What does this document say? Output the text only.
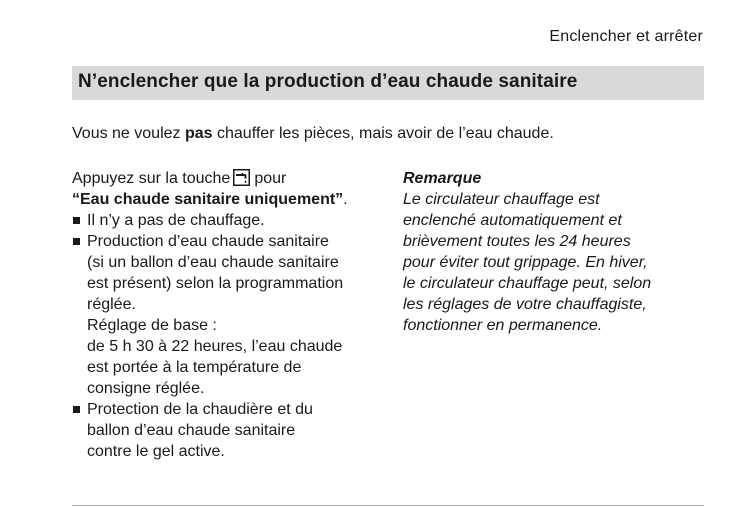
Enclencher et arrêter
N’enclencher que la production d’eau chaude sanitaire
Vous ne voulez pas chauffer les pièces, mais avoir de l’eau chaude.
Appuyez sur la touche pour
“Eau chaude sanitaire uniquement”.
Il n’y a pas de chauffage.
Production d’eau chaude sanitaire
(si un ballon d’eau chaude sanitaire
est présent) selon la programmation
réglée.
Réglage de base :
de 5 h 30 à 22 heures, l’eau chaude
est portée à la température de
consigne réglée.
Protection de la chaudière et du
ballon d’eau chaude sanitaire
contre le gel active.
Remarque
Le circulateur chauffage est
enclenché automatiquement et
brièvement toutes les 24 heures
pour éviter tout grippage. En hiver,
le circulateur chauffage peut, selon
les réglages de votre chauffagiste,
fonctionner en permanence.
